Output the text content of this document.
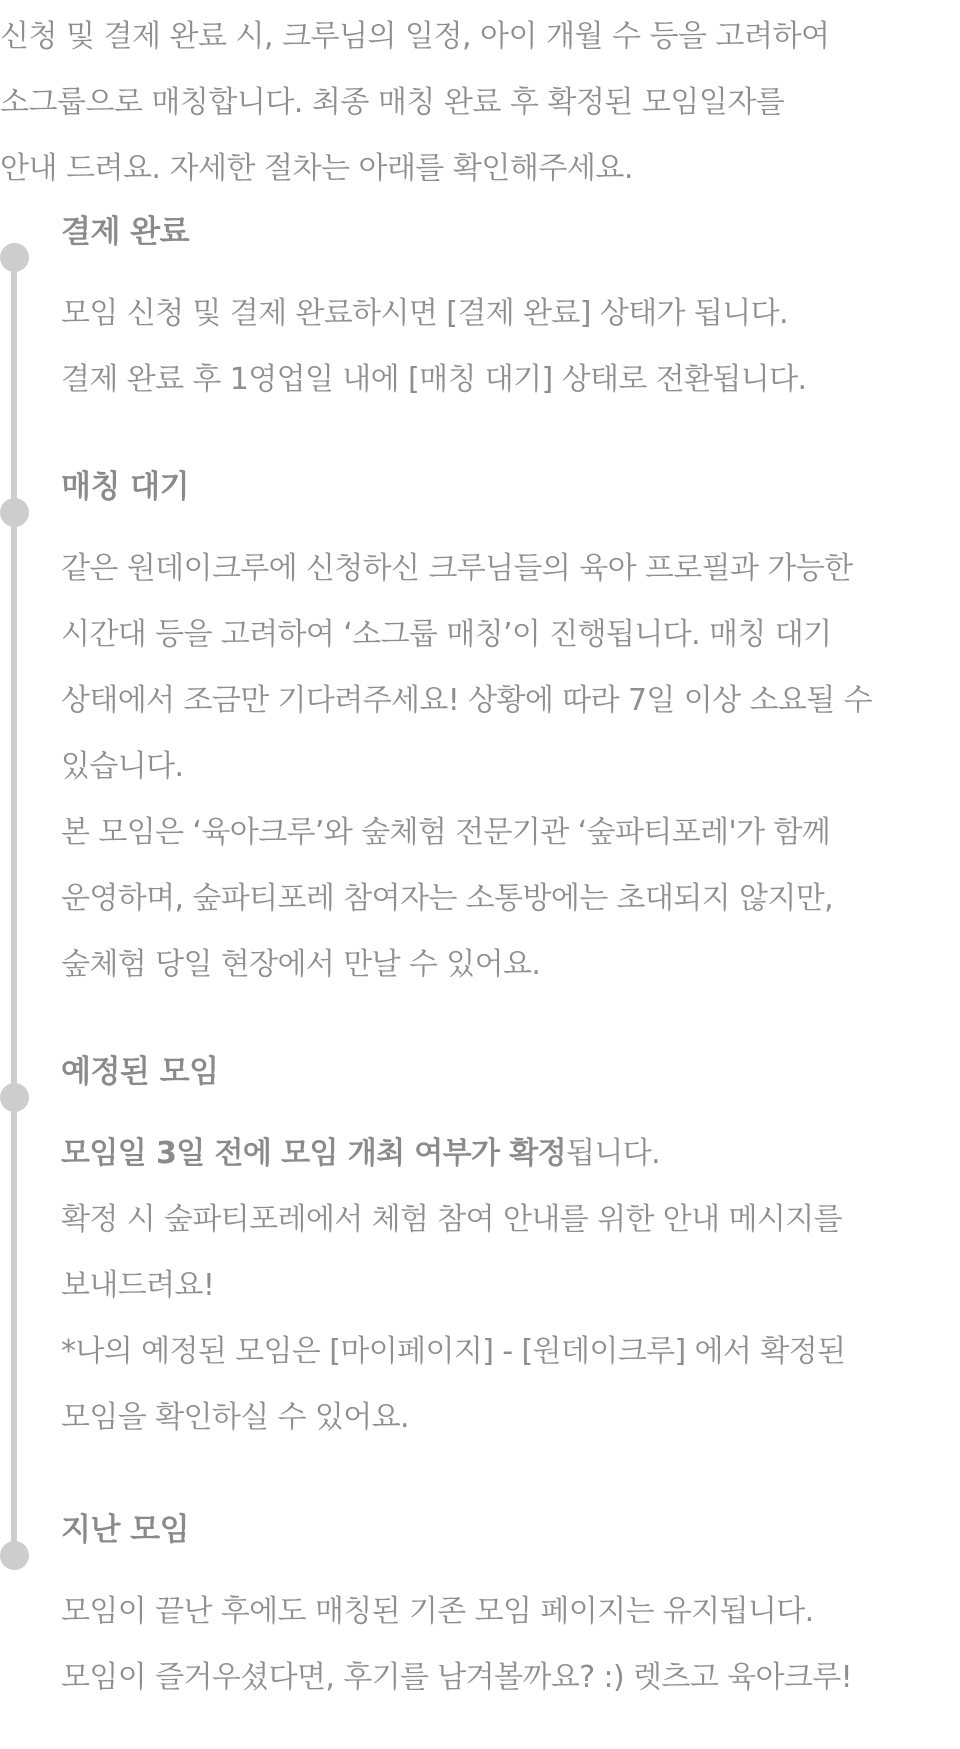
신청 및 결제 완료 시, 크루님의 일정, 아이 개월 수 등을 고려하여
소그룹으로 매칭합니다. 최종 매칭 완료 후 확정된 모임일자를
안내 드려요. 자세한 절차는 아래를 확인해주세요.
결제 완료
모임 신청 및 결제 완료하시면 [결제 완료] 상태가 됩니다.
결제 완료 후 1영업일 내에 [매칭 대기] 상태로 전환됩니다.
매칭 대기
같은 원데이크루에 신청하신 크루님들의 육아 프로필과 가능한
시간대 등을 고려하여 ‘소그룹 매칭’이 진행됩니다. 매칭 대기
상태에서 조금만 기다려주세요! 상황에 따라 7일 이상 소요될 수
있습니다.
본 모임은 ‘육아크루’와 숲체험 전문기관 ‘숲파티포레'가 함께
운영하며, 숲파티포레 참여자는 소통방에는 초대되지 않지만,
숲체험 당일 현장에서 만날 수 있어요.
예정된 모임
모임일 3일 전에 모임 개최 여부가 확정됩니다.
확정 시 숲파티포레에서 체험 참여 안내를 위한 안내 메시지를
보내드려요!
*나의 예정된 모임은 [마이페이지] - [원데이크루] 에서 확정된
모임을 확인하실 수 있어요.
지난 모임
모임이 끝난 후에도 매칭된 기존 모임 페이지는 유지됩니다.
모임이 즐거우셨다면, 후기를 남겨볼까요? :) 렛츠고 육아크루!
